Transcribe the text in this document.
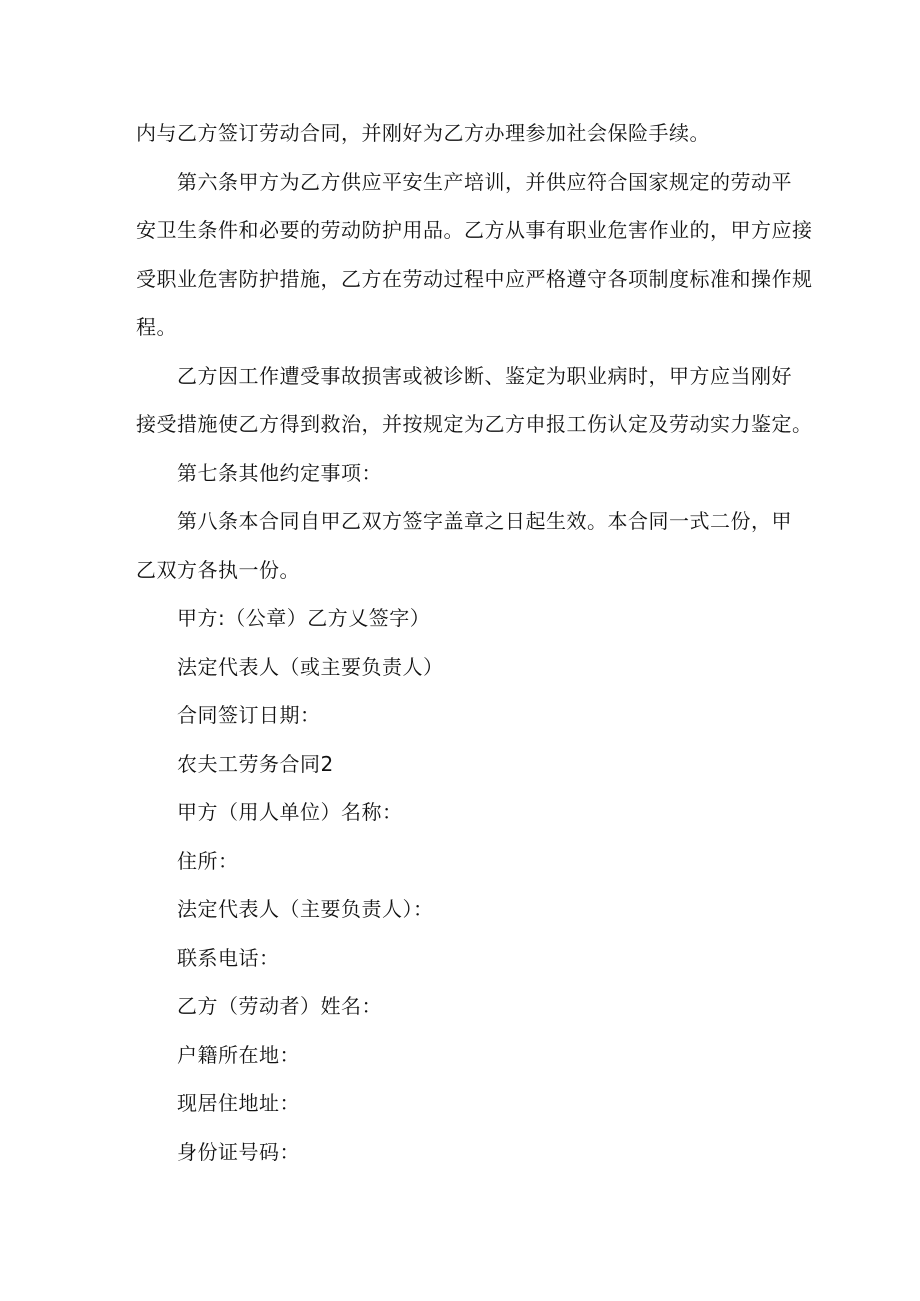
内与乙方签订劳动合同，并刚好为乙方办理参加社会保险手续。
第六条甲方为乙方供应平安生产培训，并供应符合国家规定的劳动平
安卫生条件和必要的劳动防护用品。乙方从事有职业危害作业的，甲方应接
受职业危害防护措施，乙方在劳动过程中应严格遵守各项制度标准和操作规
程。
乙方因工作遭受事故损害或被诊断、鉴定为职业病时，甲方应当刚好
接受措施使乙方得到救治，并按规定为乙方申报工伤认定及劳动实力鉴定。
第七条其他约定事项：
第八条本合同自甲乙双方签字盖章之日起生效。本合同一式二份，甲
乙双方各执一份。
甲方:（公章）乙方乂签字）
法定代表人（或主要负责人）
合同签订日期：
农夫工劳务合同2
甲方（用人单位）名称：
住所：
法定代表人（主要负责人）：
联系电话：
乙方（劳动者）姓名：
户籍所在地：
现居住地址：
身份证号码：
